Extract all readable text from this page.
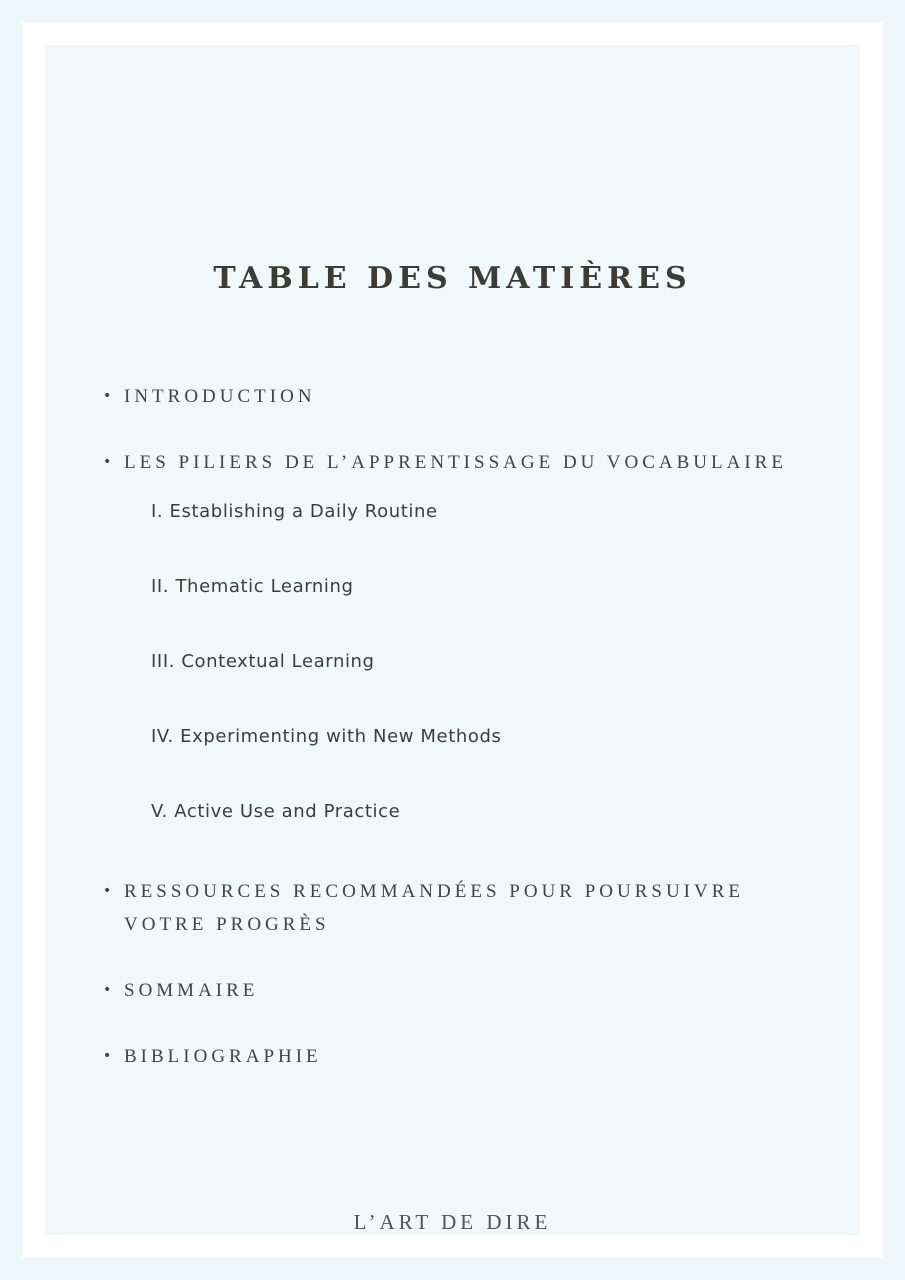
TABLE DES MATIÈRES
• INTRODUCTION
• LES PILIERS DE L’APPRENTISSAGE DU VOCABULAIRE
• RESSOURCES RECOMMANDÉES POUR POURSUIVRE VOTRE PROGRÈS
• SOMMAIRE
• BIBLIOGRAPHIE
I. Establishing a Daily Routine
II. Thematic Learning
III. Contextual Learning
IV. Experimenting with New Methods
V. Active Use and Practice
L’ART DE DIRE
